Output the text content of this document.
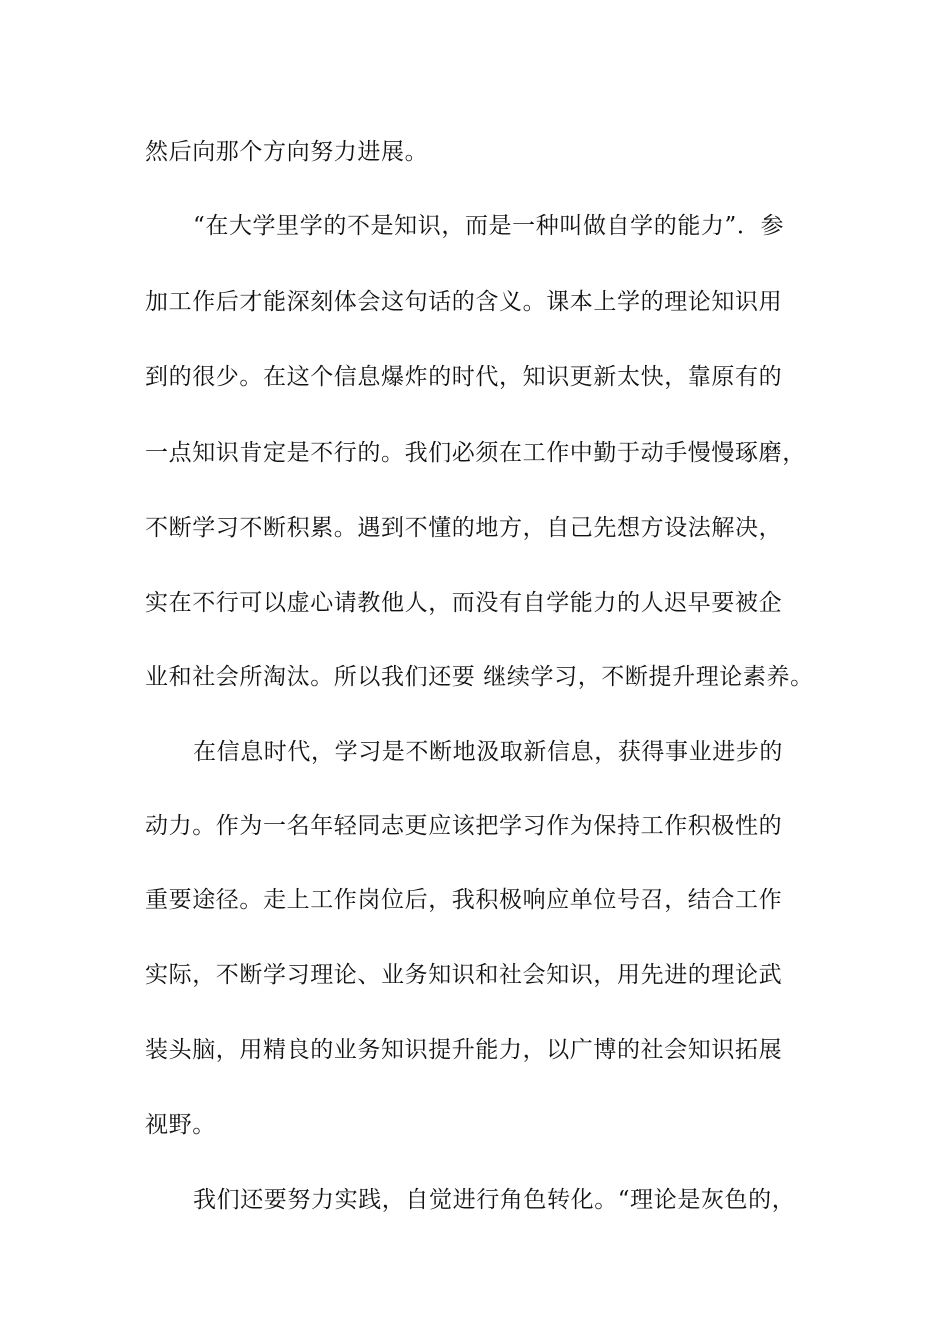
然后向那个方向努力进展。
“在大学里学的不是知识，而是一种叫做自学的能力”．参
加工作后才能深刻体会这句话的含义。课本上学的理论知识用
到的很少。在这个信息爆炸的时代，知识更新太快，靠原有的
一点知识肯定是不行的。我们必须在工作中勤于动手慢慢琢磨，
不断学习不断积累。遇到不懂的地方，自己先想方设法解决，
实在不行可以虚心请教他人，而没有自学能力的人迟早要被企
业和社会所淘汰。所以我们还要 继续学习，不断提升理论素养。
在信息时代，学习是不断地汲取新信息，获得事业进步的
动力。作为一名年轻同志更应该把学习作为保持工作积极性的
重要途径。走上工作岗位后，我积极响应单位号召，结合工作
实际，不断学习理论、业务知识和社会知识，用先进的理论武
装头脑，用精良的业务知识提升能力，以广博的社会知识拓展
视野。
我们还要努力实践，自觉进行角色转化。“理论是灰色的，
